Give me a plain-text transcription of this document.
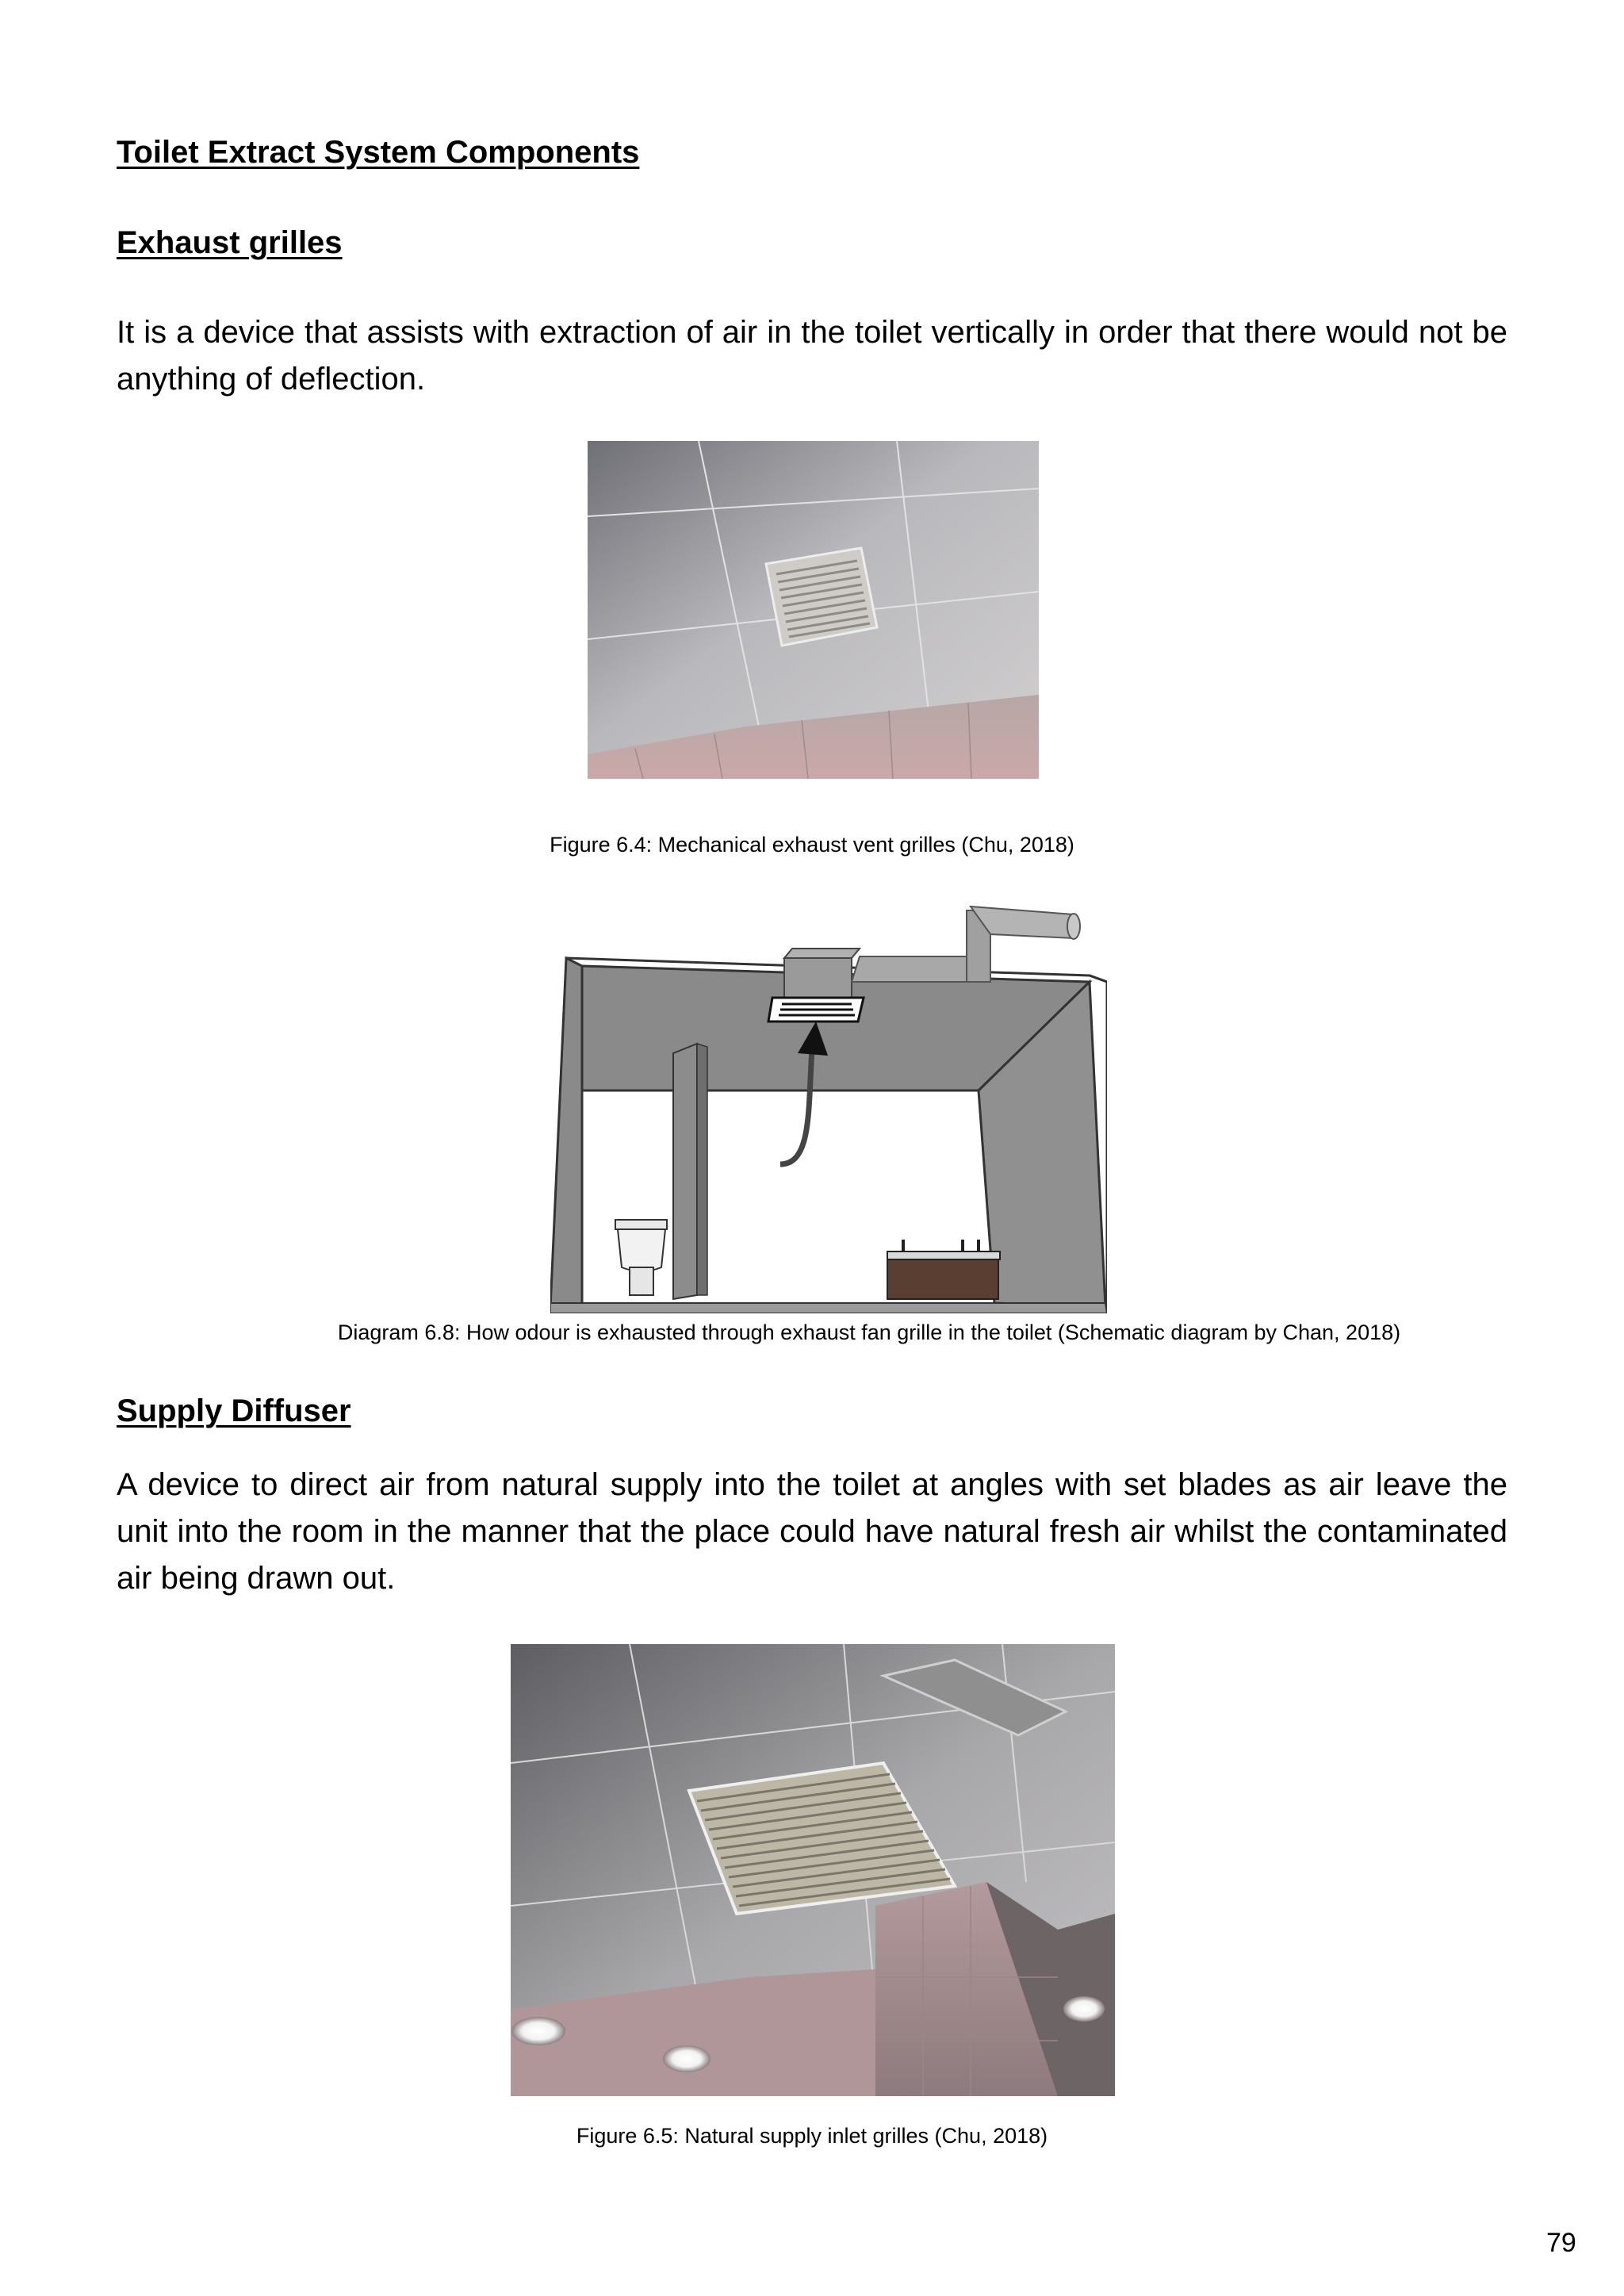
Toilet Extract System Components
Exhaust grilles
It is a device that assists with extraction of air in the toilet vertically in order that there would not be anything of deflection.
Figure 6.4: Mechanical exhaust vent grilles (Chu, 2018)
Diagram 6.8: How odour is exhausted through exhaust fan grille in the toilet (Schematic diagram by Chan, 2018)
Supply Diffuser
A device to direct air from natural supply into the toilet at angles with set blades as air leave the unit into the room in the manner that the place could have natural fresh air whilst the contaminated air being drawn out.
Figure 6.5: Natural supply inlet grilles (Chu, 2018)
79
